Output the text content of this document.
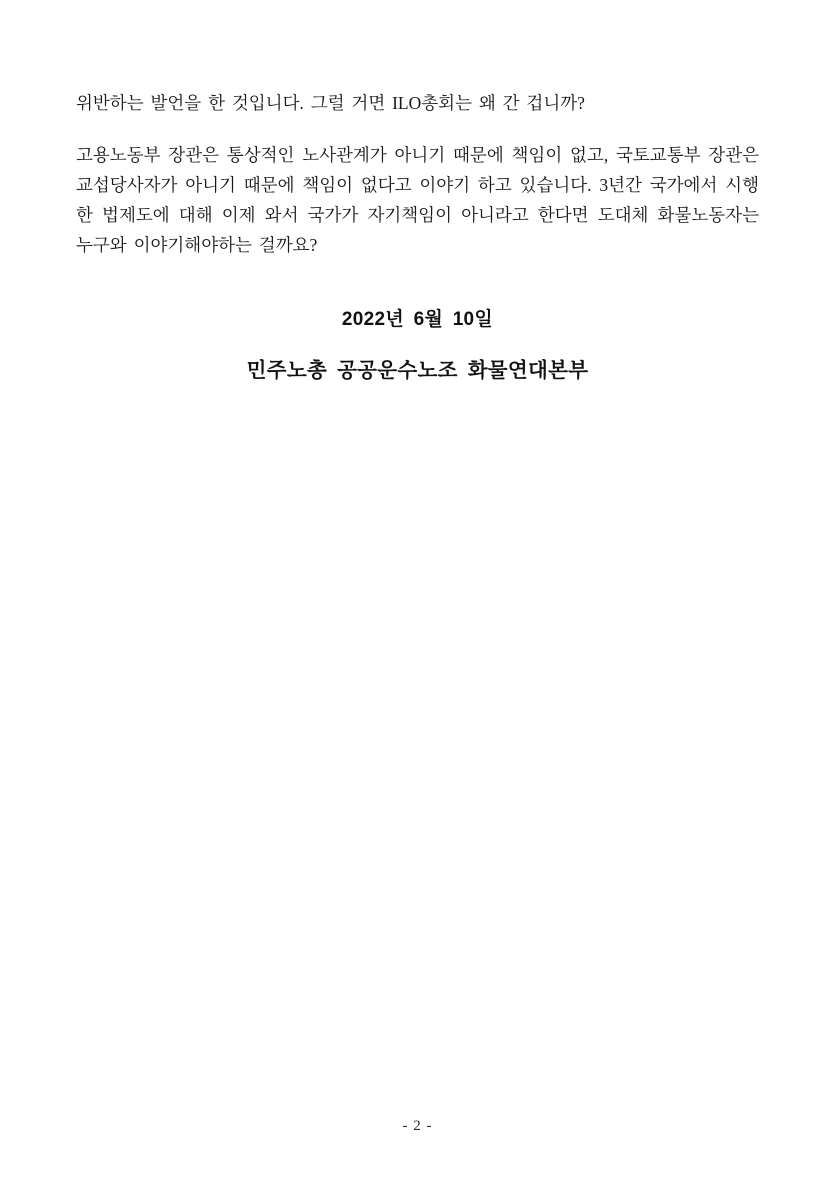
위반하는 발언을 한 것입니다. 그럴 거면 ILO총회는 왜 간 겁니까?

고용노동부 장관은 통상적인 노사관계가 아니기 때문에 책임이 없고, 국토교통부 장관은 교섭당사자가 아니기 때문에 책임이 없다고 이야기 하고 있습니다. 3년간 국가에서 시행한 법제도에 대해 이제 와서 국가가 자기책임이 아니라고 한다면 도대체 화물노동자는 누구와 이야기해야하는 걸까요?

2022년 6월 10일

민주노총 공공운수노조 화물연대본부

- 2 -
